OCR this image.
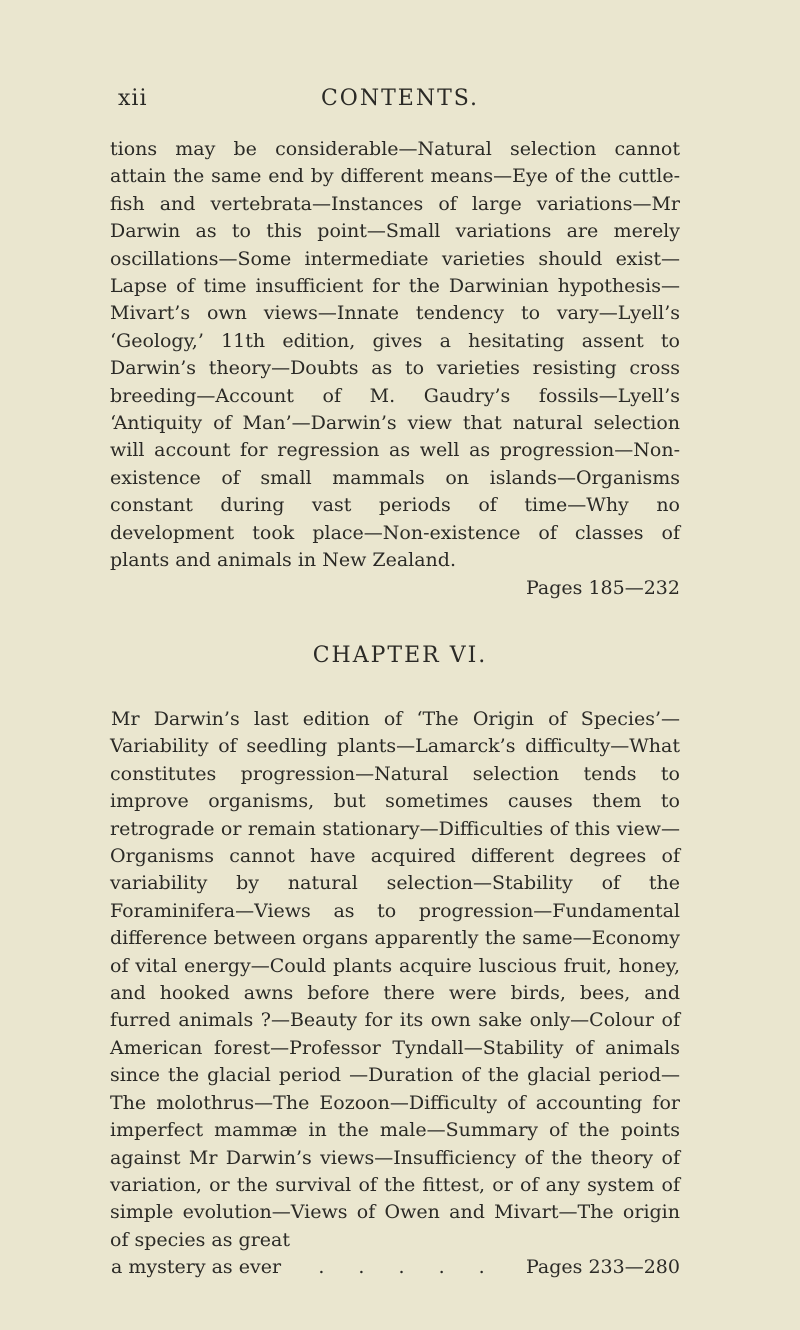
xii	CONTENTS.
tions may be considerable—Natural selection cannot attain the same end by different means—Eye of the cuttle-fish and vertebrata—Instances of large variations—Mr Darwin as to this point—Small variations are merely oscillations—Some intermediate varieties should exist—Lapse of time insufficient for the Darwinian hypothesis—Mivart’s own views—Innate tendency to vary—Lyell’s ‘Geology,’ 11th edition, gives a hesitating assent to Darwin’s theory—Doubts as to varieties resisting cross breeding—Account of M. Gaudry’s fossils—Lyell’s ‘Antiquity of Man’—Darwin’s view that natural selection will account for regression as well as progression—Non-existence of small mammals on islands—Organisms constant during vast periods of time—Why no development took place—Non-existence of classes of plants and animals in New Zealand.
Pages 185—232
CHAPTER VI.
Mr Darwin’s last edition of ‘The Origin of Species’—Variability of seedling plants—Lamarck’s difficulty—What constitutes progression—Natural selection tends to improve organisms, but sometimes causes them to retrograde or remain stationary—Difficulties of this view— Organisms cannot have acquired different degrees of variability by natural selection—Stability of the Foraminifera—Views as to progression—Fundamental difference between organs apparently the same—Economy of vital energy—Could plants acquire luscious fruit, honey, and hooked awns before there were birds, bees, and furred animals ?—Beauty for its own sake only—Colour of American forest—Professor Tyndall—Stability of animals since the glacial period —Duration of the glacial period—The molothrus—The Eozoon—Difficulty of accounting for imperfect mammæ in the male—Summary of the points against Mr Darwin’s views—Insufficiency of the theory of variation, or the survival of the fittest, or of any system of simple evolution—Views of Owen and Mivart—The origin of species as great
a mystery as ever	. . . . .	Pages 233—280
